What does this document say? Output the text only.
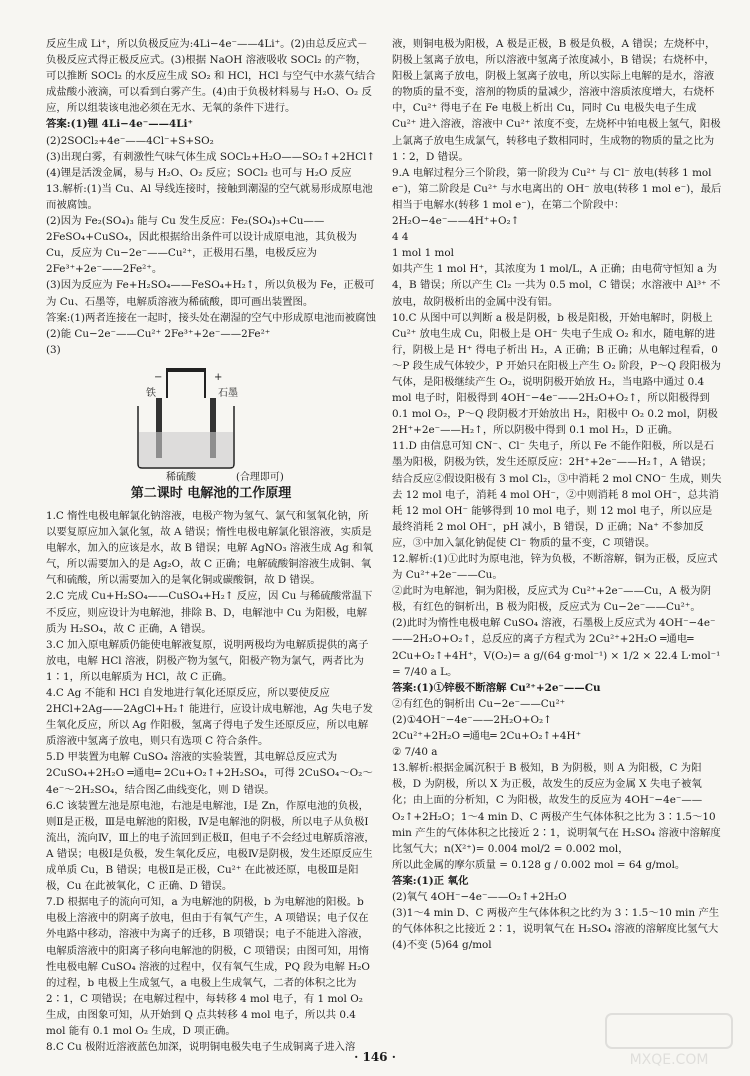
反应生成 Li⁺，所以负极反应为:4Li−4e⁻——4Li⁺。(2)由总反应式－负极反应式得正极反应式。(3)根据 NaOH 溶液吸收 SOCl₂ 的产物，可以推断 SOCl₂ 的水反应生成 SO₂ 和 HCl，HCl 与空气中水蒸气结合成盐酸小液滴，可以看到白雾产生。(4)由于负极材料易与 H₂O、O₂ 反应，所以组装该电池必须在无水、无氧的条件下进行。

答案:(1)锂 4Li−4e⁻——4Li⁺

(2)2SOCl₂+4e⁻——4Cl⁻+S+SO₂

(3)出现白雾，有刺激性气味气体生成 SOCl₂+H₂O——SO₂↑+2HCl↑ (4)锂是活泼金属，易与 H₂O、O₂ 反应；SOCl₂ 也可与 H₂O 反应

13.解析:(1)当 Cu、Al 导线连接时，接触到潮湿的空气就易形成原电池而被腐蚀。

(2)因为 Fe₂(SO₄)₃ 能与 Cu 发生反应：Fe₂(SO₄)₃+Cu——2FeSO₄+CuSO₄，因此根据给出条件可以设计成原电池，其负极为 Cu，反应为 Cu−2e⁻——Cu²⁺，正极用石墨，电极反应为 2Fe³⁺+2e⁻——2Fe²⁺。

(3)因为反应为 Fe+H₂SO₄——FeSO₄+H₂↑，所以负极为 Fe，正极可为 Cu、石墨等，电解质溶液为稀硫酸，即可画出装置图。

答案:(1)两者连接在一起时，接头处在潮湿的空气中形成原电池而被腐蚀 (2)能 Cu−2e⁻——Cu²⁺ 2Fe³⁺+2e⁻——2Fe²⁺

(3)

铁
−	+
石墨
稀硫酸	(合理即可)
第二课时 电解池的工作原理

1.C 惰性电极电解氯化钠溶液，电极产物为氢气、氯气和氢氧化钠，所以要复原应加入氯化氢，故 A 错误；惰性电极电解氯化银溶液，实质是电解水，加入的应该是水，故 B 错误；电解 AgNO₃ 溶液生成 Ag 和氧气，所以需要加入的是 Ag₂O，故 C 正确；电解硫酸铜溶液生成铜、氧气和硫酸，所以需要加入的是氧化铜或碳酸铜，故 D 错误。

2.C 完成 Cu+H₂SO₄——CuSO₄+H₂↑ 反应，因 Cu 与稀硫酸常温下不反应，则应设计为电解池，排除 B、D，电解池中 Cu 为阳极，电解质为 H₂SO₄，故 C 正确，A 错误。

3.C 加入原电解质仍能使电解液复原，说明两极均为电解质提供的离子放电，电解 HCl 溶液，阴极产物为氢气，阳极产物为氯气，两者比为 1∶1，所以电解质为 HCl，故 C 正确。

4.C Ag 不能和 HCl 自发地进行氧化还原反应，所以要使反应 2HCl+2Ag——2AgCl+H₂↑ 能进行，应设计成电解池，Ag 失电子发生氧化反应，所以 Ag 作阳极，氢离子得电子发生还原反应，所以电解质溶液中氢离子放电，则只有选项 C 符合条件。

5.D 甲装置为电解 CuSO₄ 溶液的实验装置，其电解总反应式为 2CuSO₄+2H₂O ═通电═ 2Cu+O₂↑+2H₂SO₄，可得 2CuSO₄～O₂～4e⁻～2H₂SO₄，结合图乙曲线变化，则 D 错误。

6.C 该装置左池是原电池，右池是电解池，Ⅰ是 Zn，作原电池的负极，则Ⅱ是正极，Ⅲ是电解池的阳极，Ⅳ是电解池的阴极，所以电子从负极Ⅰ流出，流向Ⅳ，Ⅲ上的电子流回到正极Ⅱ，但电子不会经过电解质溶液，A 错误；电极Ⅰ是负极，发生氧化反应，电极Ⅳ是阴极，发生还原反应生成单质 Cu，B 错误；电极Ⅱ是正极，Cu²⁺ 在此被还原，电极Ⅲ是阳极，Cu 在此被氧化，C 正确、D 错误。

7.D 根据电子的流向可知，a 为电解池的阴极，b 为电解池的阳极。b 电极上溶液中的阴离子放电，但由于有氧气产生，A 项错误；电子仅在外电路中移动，溶液中为离子的迁移，B 项错误；电子不能进入溶液，电解质溶液中的阳离子移向电解池的阴极，C 项错误；由图可知，用惰性电极电解 CuSO₄ 溶液的过程中，仅有氧气生成，PQ 段为电解 H₂O 的过程，b 电极上生成氢气，a 电极上生成氧气，二者的体积之比为 2∶1，C 项错误；在电解过程中，每转移 4 mol 电子，有 1 mol O₂ 生成，由图象可知，从开始到 Q 点共转移 4 mol 电子，所以共 0.4 mol 能有 0.1 mol O₂ 生成，D 项正确。

8.C Cu 极附近溶液蓝色加深，说明铜电极失电子生成铜离子进入溶

液，则铜电极为阳极，A 极是正极，B 极是负极，A 错误；左烧杯中，阴极上氢离子放电，所以溶液中氢离子浓度减小，B 错误；右烧杯中，阳极上氯离子放电，阴极上氢离子放电，所以实际上电解的是水，溶液的物质的量不变，溶剂的物质的量减少，溶液中溶质浓度增大，右烧杯中，Cu²⁺ 得电子在 Fe 电极上析出 Cu，同时 Cu 电极失电子生成 Cu²⁺ 进入溶液，溶液中 Cu²⁺ 浓度不变，左烧杯中铂电极上氢气，阳极上氯离子放电生成氯气，转移电子数相同时，生成物的物质的量之比为 1∶2，D 错误。

9.A 电解过程分三个阶段，第一阶段为 Cu²⁺ 与 Cl⁻ 放电(转移 1 mol e⁻)，第二阶段是 Cu²⁺ 与水电离出的 OH⁻ 放电(转移 1 mol e⁻)，最后相当于电解水(转移 1 mol e⁻)，在第二个阶段中：

2H₂O−4e⁻——4H⁺+O₂↑

4 4

1 mol 1 mol

如共产生 1 mol H⁺，其浓度为 1 mol/L，A 正确；由电荷守恒知 a 为 4，B 错误；所以产生 Cl₂ 一共为 0.5 mol，C 错误；水溶液中 Al³⁺ 不放电，故阴极析出的金属中没有铝。

10.C 从图中可以判断 a 极是阴极，b 极是阳极，开始电解时，阴极上 Cu²⁺ 放电生成 Cu，阳极上是 OH⁻ 失电子生成 O₂ 和水，随电解的进行，阴极上是 H⁺ 得电子析出 H₂，A 正确；B 正确；从电解过程看，0～P 段生成气体较少，P 开始只在阳极上产生 O₂ 阶段，P～Q 段阳极为气体，是阳极继续产生 O₂，说明阴极开始放 H₂，当电路中通过 0.4 mol 电子时，阳极得到 4OH⁻−4e⁻——2H₂O+O₂↑，所以阳极得到 0.1 mol O₂，P～Q 段阴极才开始放出 H₂，阳极中 O₂ 0.2 mol，阴极 2H⁺+2e⁻——H₂↑，所以阴极中得到 0.1 mol H₂，D 正确。

11.D 由信息可知 CN⁻、Cl⁻ 失电子，所以 Fe 不能作阳极，所以是石墨为阳极，阴极为铁，发生还原反应：2H⁺+2e⁻——H₂↑，A 错误；结合反应②假设阳极有 3 mol Cl₂，③中消耗 2 mol CNO⁻ 生成，则失去 12 mol 电子，消耗 4 mol OH⁻，②中则消耗 8 mol OH⁻，总共消耗 12 mol OH⁻ 能够得到 10 mol 电子，则 12 mol 电子，所以应是最终消耗 2 mol OH⁻，pH 减小，B 错误，D 正确；Na⁺ 不参加反应，③中加入氯化钠促使 Cl⁻ 物质的量不变，C 项错误。

12.解析:(1)①此时为原电池，锌为负极，不断溶解，铜为正极，反应式为 Cu²⁺+2e⁻——Cu。

②此时为电解池，铜为阳极，反应式为 Cu²⁺+2e⁻——Cu，A 极为阴极，有红色的铜析出，B 极为阳极，反应式为 Cu−2e⁻——Cu²⁺。

(2)此时为惰性电极电解 CuSO₄ 溶液，石墨极上反应式为 4OH⁻−4e⁻——2H₂O+O₂↑，总反应的离子方程式为 2Cu²⁺+2H₂O ═通电═ 2Cu+O₂↑+4H⁺，V(O₂)= a g/(64 g·mol⁻¹) × 1/2 × 22.4 L·mol⁻¹ = 7/40 a L。

答案:(1)①锌极不断溶解 Cu²⁺+2e⁻——Cu

②有红色的铜析出 Cu−2e⁻——Cu²⁺

(2)①4OH⁻−4e⁻——2H₂O+O₂↑

2Cu²⁺+2H₂O ═通电═ 2Cu+O₂↑+4H⁺

② 7/40 a

13.解析:根据金属沉积于 B 极知，B 为阴极，则 A 为阳极，C 为阳极，D 为阴极，所以 X 为正极，故发生的反应为金属 X 失电子被氧化；由上面的分析知，C 为阳极，故发生的反应为 4OH⁻−4e⁻——O₂↑+2H₂O；1～4 min D、C 两极产生气体体积之比为 3∶1.5～10 min 产生的气体体积之比接近 2∶1，说明氧气在 H₂SO₄ 溶液中溶解度比氢气大；n(X²⁺)= 0.004 mol/2 = 0.002 mol，

所以此金属的摩尔质量 = 0.128 g / 0.002 mol = 64 g/mol。

答案:(1)正 氧化

(2)氧气 4OH⁻−4e⁻——O₂↑+2H₂O

(3)1～4 min D、C 两极产生气体体积之比约为 3∶1.5～10 min 产生的气体体积之比接近 2∶1，说明氧气在 H₂SO₄ 溶液的溶解度比氢气大

(4)不变 (5)64 g/mol

· 146 ·	MXQE.COM
